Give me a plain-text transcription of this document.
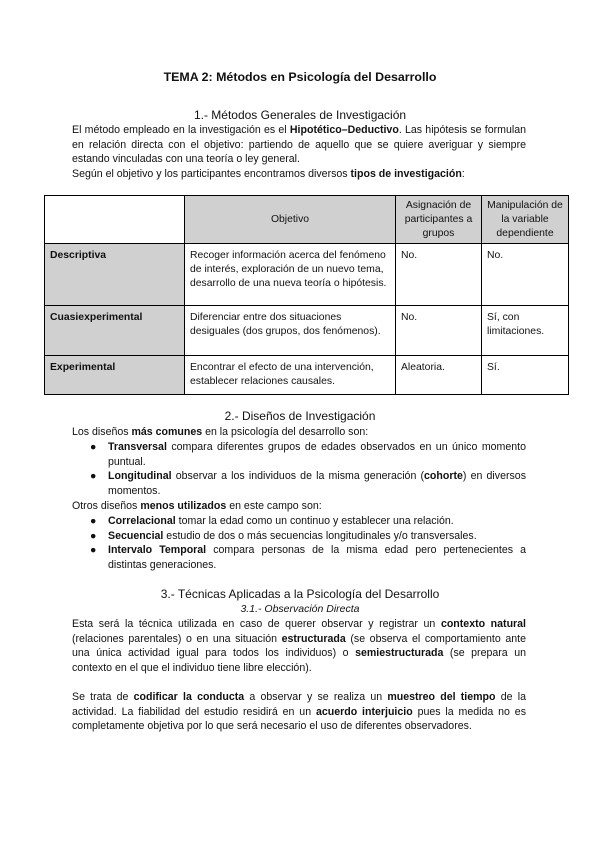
TEMA 2: Métodos en Psicología del Desarrollo
1.- Métodos Generales de Investigación
El método empleado en la investigación es el Hipotético–Deductivo. Las hipótesis se formulan en relación directa con el objetivo: partiendo de aquello que se quiere averiguar y siempre estando vinculadas con una teoría o ley general.
Según el objetivo y los participantes encontramos diversos tipos de investigación:
	Objetivo	Asignación de participantes a grupos	Manipulación de la variable dependiente
Descriptiva	Recoger información acerca del fenómeno de interés, exploración de un nuevo tema, desarrollo de una nueva teoría o hipótesis.	No.	No.
Cuasiexperimental	Diferenciar entre dos situaciones desiguales (dos grupos, dos fenómenos).	No.	Sí, con limitaciones.
Experimental	Encontrar el efecto de una intervención, establecer relaciones causales.	Aleatoria.	Sí.
2.- Diseños de Investigación
Los diseños más comunes en la psicología del desarrollo son:
● Transversal compara diferentes grupos de edades observados en un único momento puntual.
● Longitudinal observar a los individuos de la misma generación (cohorte) en diversos momentos.
Otros diseños menos utilizados en este campo son:
● Correlacional tomar la edad como un continuo y establecer una relación.
● Secuencial estudio de dos o más secuencias longitudinales y/o transversales.
● Intervalo Temporal compara personas de la misma edad pero pertenecientes a distintas generaciones.
3.- Técnicas Aplicadas a la Psicología del Desarrollo
3.1.- Observación Directa
Esta será la técnica utilizada en caso de querer observar y registrar un contexto natural (relaciones parentales) o en una situación estructurada (se observa el comportamiento ante una única actividad igual para todos los individuos) o semiestructurada (se prepara un contexto en el que el individuo tiene libre elección).
Se trata de codificar la conducta a observar y se realiza un muestreo del tiempo de la actividad. La fiabilidad del estudio residirá en un acuerdo interjuicio pues la medida no es completamente objetiva por lo que será necesario el uso de diferentes observadores.
